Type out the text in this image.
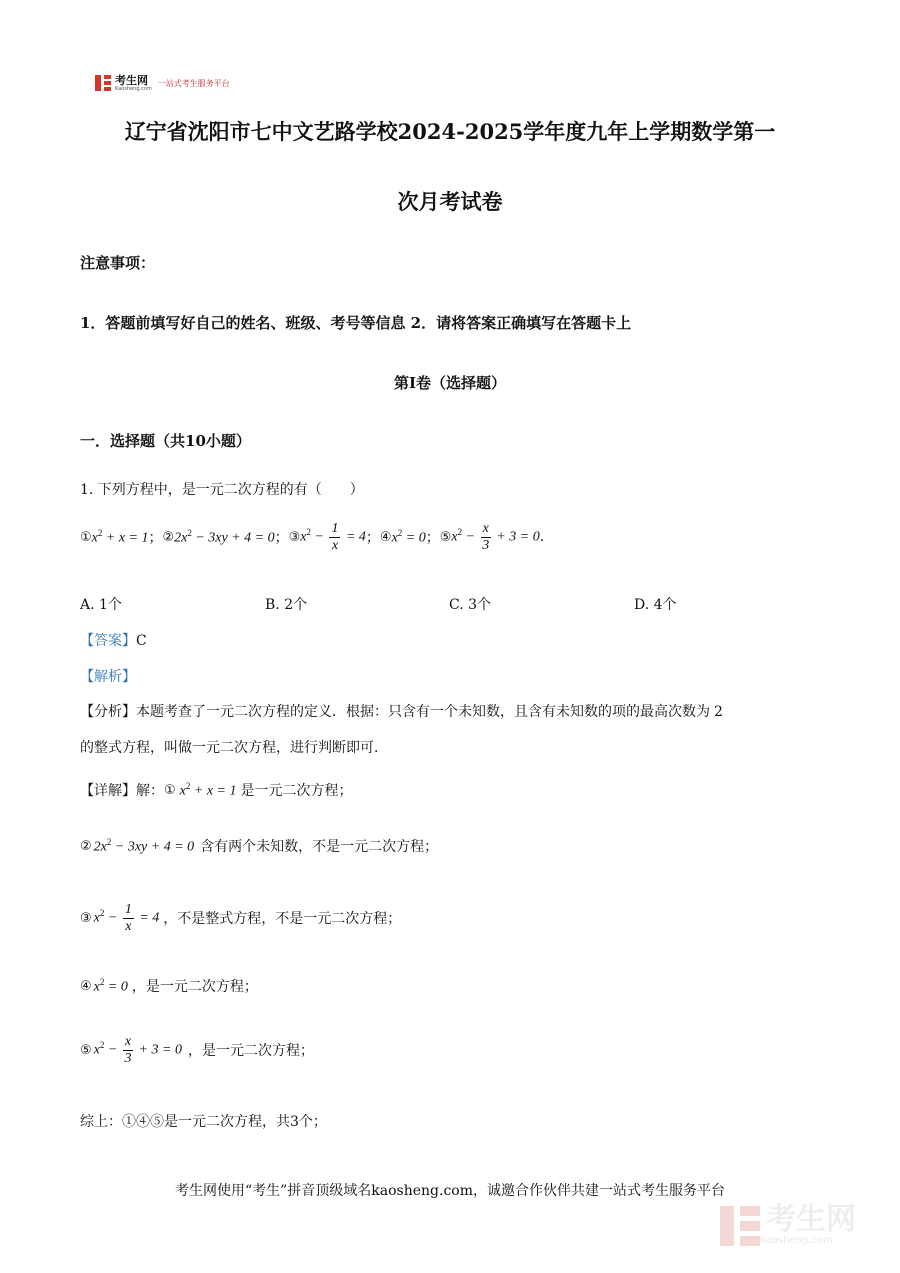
考生网
Kaosheng.com
一站式考生服务平台
辽宁省沈阳市七中文艺路学校2024-2025学年度九年上学期数学第一
次月考试卷
注意事项：
1．答题前填写好自己的姓名、班级、考号等信息 2．请将答案正确填写在答题卡上
第Ⅰ卷（选择题）
一．选择题（共10小题）
1. 下列方程中，是一元二次方程的有（　　）
① $x^2 + x = 1$ ； ② $2x^2 - 3xy + 4 = 0$ ； ③ $x^2 - \frac{1}{x} = 4$ ； ④ $x^2 = 0$ ； ⑤ $x^2 - \frac{x}{3} + 3 = 0$ .
A. 1个	B. 2个	C. 3个	D. 4个
【答案】C
【解析】
【分析】本题考查了一元二次方程的定义．根据：只含有一个未知数，且含有未知数的项的最高次数为 2
的整式方程，叫做一元二次方程，进行判断即可．
【详解】 解： ① $x^2 + x = 1$ 是一元二次方程；
② $2x^2 - 3xy + 4 = 0$ 含有两个未知数，不是一元二次方程；
③ $x^2 - \frac{1}{x} = 4$ ，不是整式方程，不是一元二次方程；
④ $x^2 = 0$ ，是一元二次方程；
⑤ $x^2 - \frac{x}{3} + 3 = 0$ ，是一元二次方程；
综上：①④⑤是一元二次方程，共3个；
考生网使用“考生”拼音顶级域名kaosheng.com，诚邀合作伙伴共建一站式考生服务平台
考生网
kaosheng.com
